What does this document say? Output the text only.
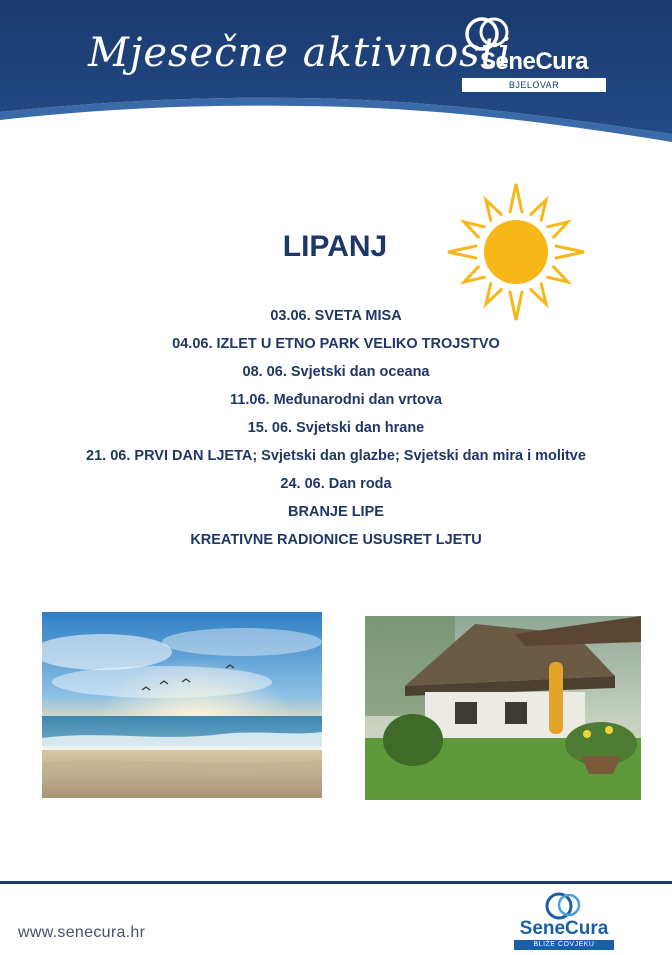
Mjesečne aktivnosti
SeneCura
BJELOVAR
LIPANJ
03.06. SVETA MISA
04.06. IZLET U ETNO PARK VELIKO TROJSTVO
08. 06. Svjetski dan oceana
11.06. Međunarodni dan vrtova
15. 06. Svjetski dan hrane
21. 06. PRVI DAN LJETA; Svjetski dan glazbe; Svjetski dan mira i molitve
24. 06. Dan roda
BRANJE LIPE
KREATIVNE RADIONICE USUSRET LJETU
www.senecura.hr	SeneCura
BLIŽE ČOVJEKU
